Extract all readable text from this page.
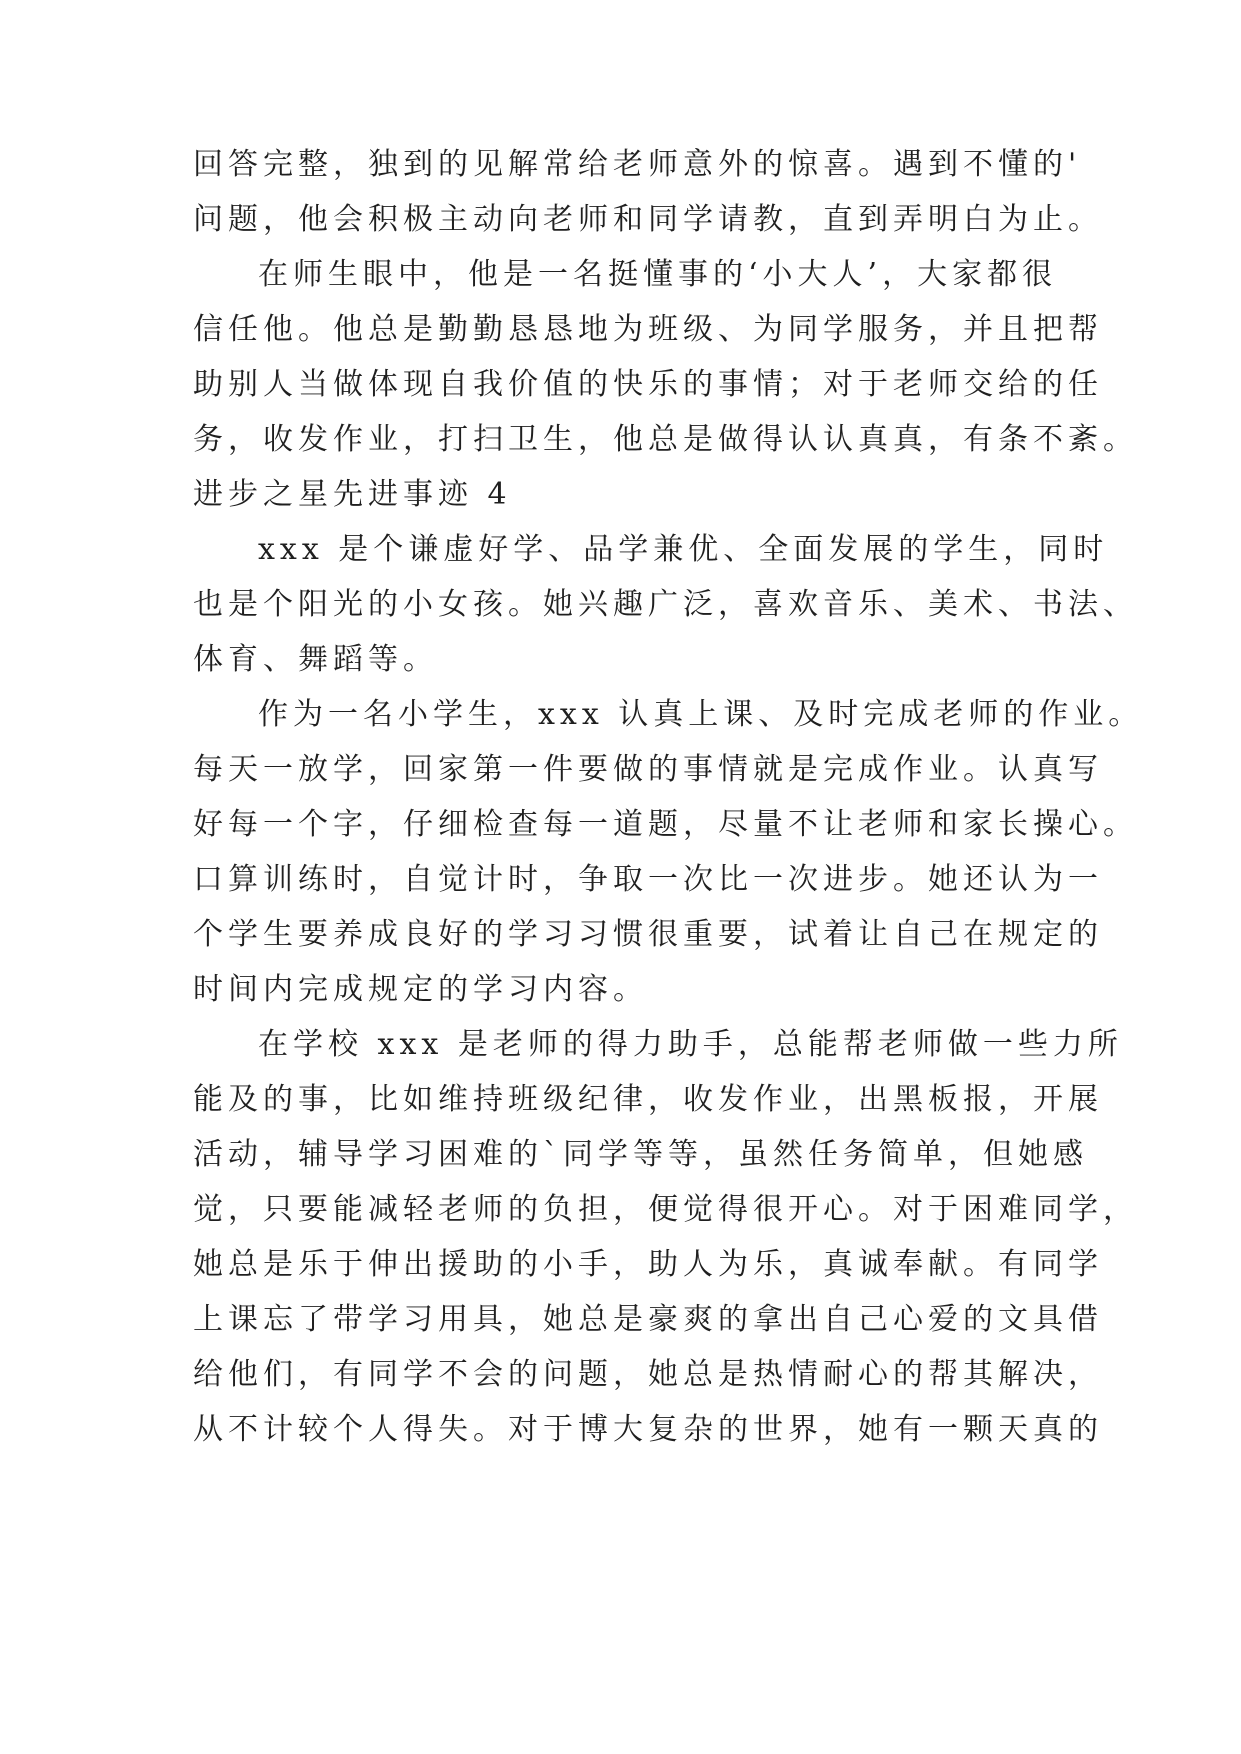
回答完整，独到的见解常给老师意外的惊喜。遇到不懂的'
问题，他会积极主动向老师和同学请教，直到弄明白为止。
在师生眼中，他是一名挺懂事的‘小大人’，大家都很
信任他。他总是勤勤恳恳地为班级、为同学服务，并且把帮
助别人当做体现自我价值的快乐的事情；对于老师交给的任
务，收发作业，打扫卫生，他总是做得认认真真，有条不紊。
进步之星先进事迹 4
xxx 是个谦虚好学、品学兼优、全面发展的学生，同时
也是个阳光的小女孩。她兴趣广泛，喜欢音乐、美术、书法、
体育、舞蹈等。
作为一名小学生，xxx 认真上课、及时完成老师的作业。
每天一放学，回家第一件要做的事情就是完成作业。认真写
好每一个字，仔细检查每一道题，尽量不让老师和家长操心。
口算训练时，自觉计时，争取一次比一次进步。她还认为一
个学生要养成良好的学习习惯很重要，试着让自己在规定的
时间内完成规定的学习内容。
在学校 xxx 是老师的得力助手，总能帮老师做一些力所
能及的事，比如维持班级纪律，收发作业，出黑板报，开展
活动，辅导学习困难的`同学等等，虽然任务简单，但她感
觉，只要能减轻老师的负担，便觉得很开心。对于困难同学，
她总是乐于伸出援助的小手，助人为乐，真诚奉献。有同学
上课忘了带学习用具，她总是豪爽的拿出自己心爱的文具借
给他们，有同学不会的问题，她总是热情耐心的帮其解决，
从不计较个人得失。对于博大复杂的世界，她有一颗天真的
